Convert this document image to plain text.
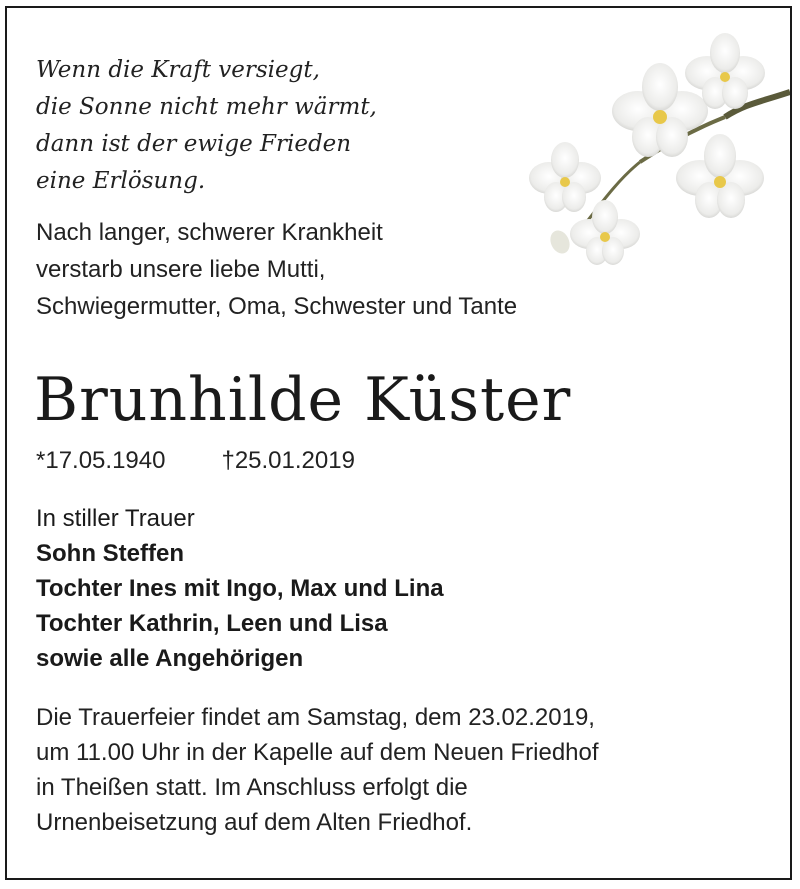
Wenn die Kraft versiegt,
die Sonne nicht mehr wärmt,
dann ist der ewige Frieden
eine Erlösung.
Nach langer, schwerer Krankheit
verstarb unsere liebe Mutti,
Schwiegermutter, Oma, Schwester und Tante
Brunhilde Küster
*17.05.1940 †25.01.2019
In stiller Trauer
Sohn Steffen
Tochter Ines mit Ingo, Max und Lina
Tochter Kathrin, Leen und Lisa
sowie alle Angehörigen
Die Trauerfeier findet am Samstag, dem 23.02.2019,
um 11.00 Uhr in der Kapelle auf dem Neuen Friedhof
in Theißen statt. Im Anschluss erfolgt die
Urnenbeisetzung auf dem Alten Friedhof.
